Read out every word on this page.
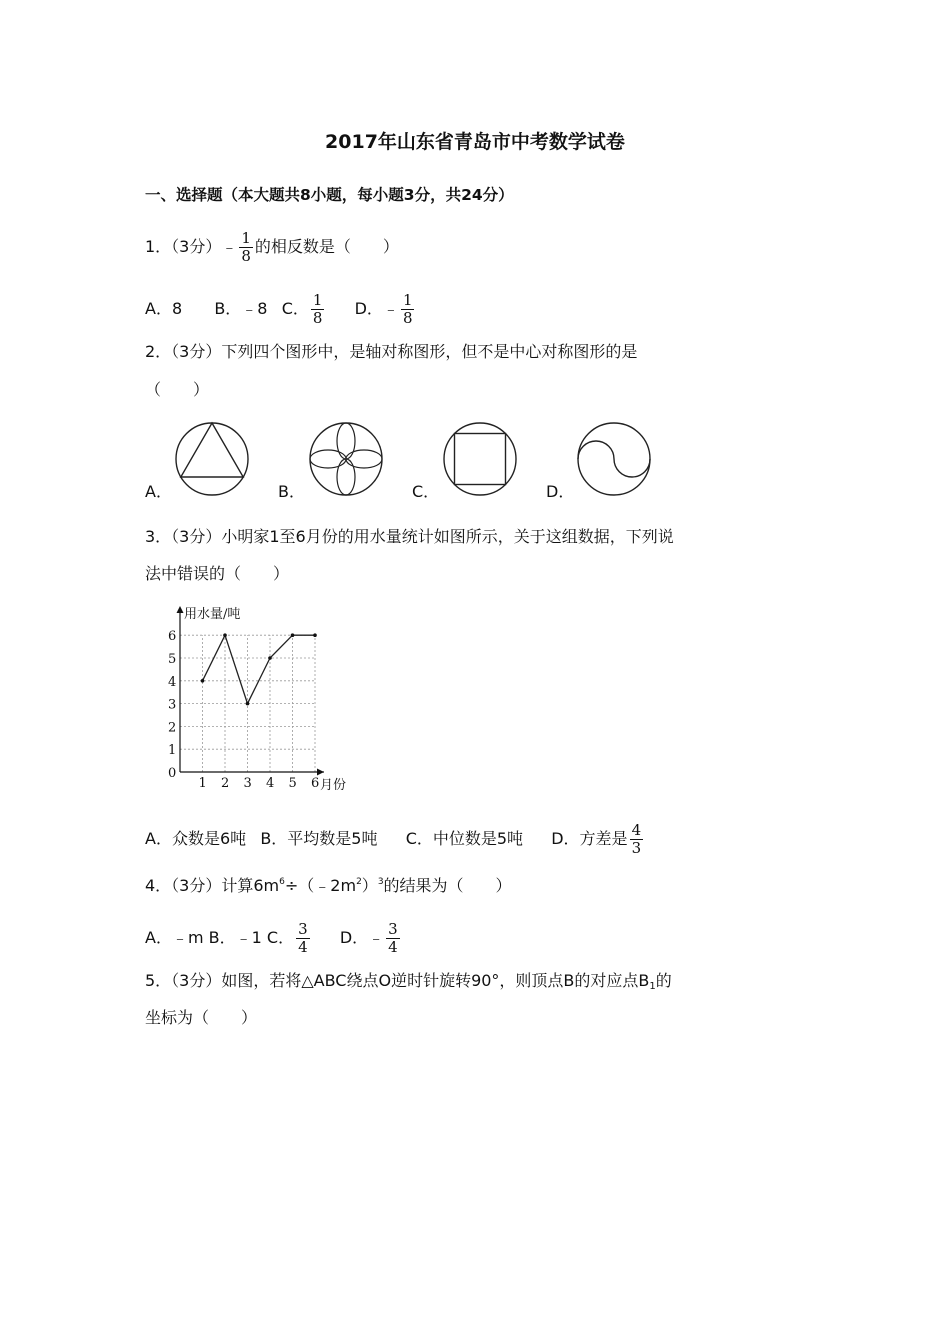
2017年山东省青岛市中考数学试卷
一、选择题（本大题共8小题，每小题3分，共24分）
1．（3分）﹣ $\frac{1}{8}$ 的相反数是（　　）
A．8 B．﹣8 C． $\frac{1}{8}$ D．﹣ $\frac{1}{8}$
2．（3分）下列四个图形中，是轴对称图形，但不是中心对称图形的是
（　　）
A．	B．	C．	D．
3．（3分）小明家1至6月份的用水量统计如图所示，关于这组数据，下列说
法中错误的（　　）
0
1
2
3
4
5
6
1 2 3 4 5 6
用水量/吨
月份
A．众数是6吨 B．平均数是5吨 C．中位数是5吨 D．方差是 $\frac{4}{3}$
4．（3分）计算$6m^6\div(﹣2m^2)^3$的结果为（　　）
A．﹣m B．﹣1 C． $\frac{3}{4}$ D．﹣ $\frac{3}{4}$
5．（3分）如图，若将△ABC绕点O逆时针旋转90°，则顶点B的对应点$B_1$的
坐标为（　　）
